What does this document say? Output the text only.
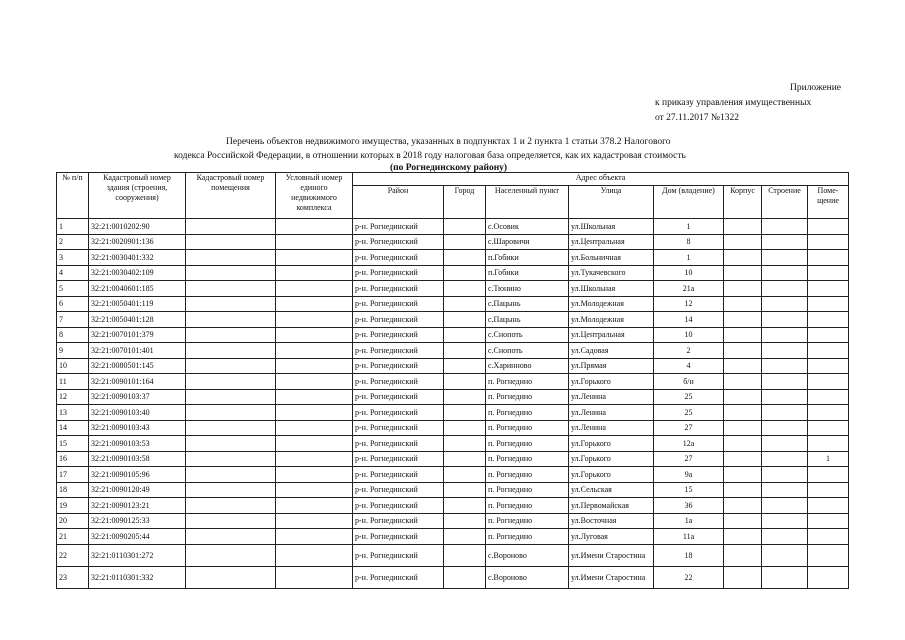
Приложение
к приказу управления имущественных
от 27.11.2017 №1322
Перечень объектов недвижимого имущества, указанных в подпунктах 1 и 2 пункта 1 статьи 378.2 Налогового
кодекса Российской Федерации, в отношении которых в 2018 году налоговая база определяется, как их кадастровая стоимость
(по Рогнединскому району)
№ п/п	Кадастровый номер здания (строения, сооружения)	Кадастровый номер помещения	Условный номер единого недвижимого комплекса	Адрес объекта							
				Район	Город	Населенный пункт	Улица	Дом (владение)	Корпус	Строение	Поме-щение
1	32:21:0010202:90			р-н. Рогнединский		с.Осовик	ул.Школьная	1			
2	32:21:0020901:136			р-н. Рогнединский		с.Шаровичи	ул.Центральная	8			
3	32:21:0030401:332			р-н. Рогнединский		п.Гобики	ул.Больничная	1			
4	32:21:0030402:109			р-н. Рогнединский		п.Гобики	ул.Тукачевского	10			
5	32:21:0040601:185			р-н. Рогнединский		с.Тюнино	ул.Школьная	21а			
6	32:21:0050401:119			р-н. Рогнединский		с.Пацынь	ул.Молодежная	12			
7	32:21:0050401:128			р-н. Рогнединский		с.Пацынь	ул.Молодежная	14			
8	32:21:0070101:379			р-н. Рогнединский		с.Снопоть	ул.Центральная	10			
9	32:21:0070101:401			р-н. Рогнединский		с.Снопоть	ул.Садовая	2			
10	32:21:0080501:145			р-н. Рогнединский		с.Харинново	ул.Прямая	4			
11	32:21:0090101:164			р-н. Рогнединский		п. Рогнедино	ул.Горького	б/н			
12	32:21:0090103:37			р-н. Рогнединский		п. Рогнедино	ул.Ленина	25			
13	32:21:0090103:40			р-н. Рогнединский		п. Рогнедино	ул.Ленина	25			
14	32:21:0090103:43			р-н. Рогнединский		п. Рогнедино	ул.Ленина	27			
15	32:21:0090103:53			р-н. Рогнединский		п. Рогнедино	ул.Горького	12а			
16	32:21:0090103:58			р-н. Рогнединский		п. Рогнедино	ул.Горького	27			1
17	32:21:0090105:96			р-н. Рогнединский		п. Рогнедино	ул.Горького	9а			
18	32:21:0090120:49			р-н. Рогнединский		п. Рогнедино	ул.Сельская	15			
19	32:21:0090123:21			р-н. Рогнединский		п. Рогнедино	ул.Первомайская	36			
20	32:21:0090125:33			р-н. Рогнединский		п. Рогнедино	ул.Восточная	1а			
21	32:21:0090205:44			р-н. Рогнединский		п. Рогнедино	ул.Луговая	11а			
22	32:21:0110301:272			р-н. Рогнединский		с.Вороново	ул.Имени Старостина	18			
23	32:21:0110301:332			р-н. Рогнединский		с.Вороново	ул.Имени Старостина	22			
